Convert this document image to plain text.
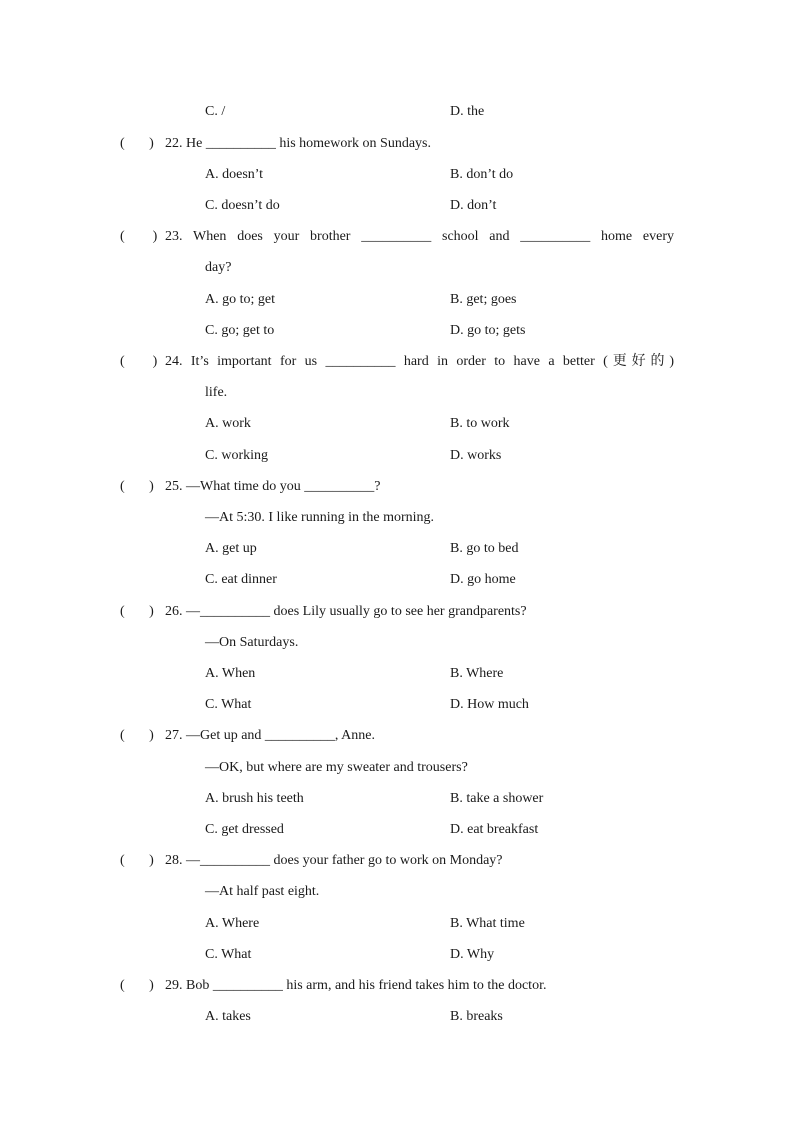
C. /	D. the
(       ) 22. He __________ his homework on Sundays.
A. doesn’t	B. don’t do
C. doesn’t do	D. don’t
(        ) 23. When does your brother __________ school and __________ home every
day?
A. go to; get	B. get; goes
C. go; get to	D. go to; gets
(        ) 24. It’s important for us __________ hard in order to have a better (更好的)
life.
A. work	B. to work
C. working	D. works
(       ) 25. —What time do you __________?
—At 5:30. I like running in the morning.
A. get up	B. go to bed
C. eat dinner	D. go home
(       ) 26. —__________ does Lily usually go to see her grandparents?
—On Saturdays.
A. When	B. Where
C. What	D. How much
(       ) 27. —Get up and __________, Anne.
—OK, but where are my sweater and trousers?
A. brush his teeth	B. take a shower
C. get dressed	D. eat breakfast
(       ) 28. —__________ does your father go to work on Monday?
—At half past eight.
A. Where	B. What time
C. What	D. Why
(       ) 29. Bob __________ his arm, and his friend takes him to the doctor.
A. takes	B. breaks
